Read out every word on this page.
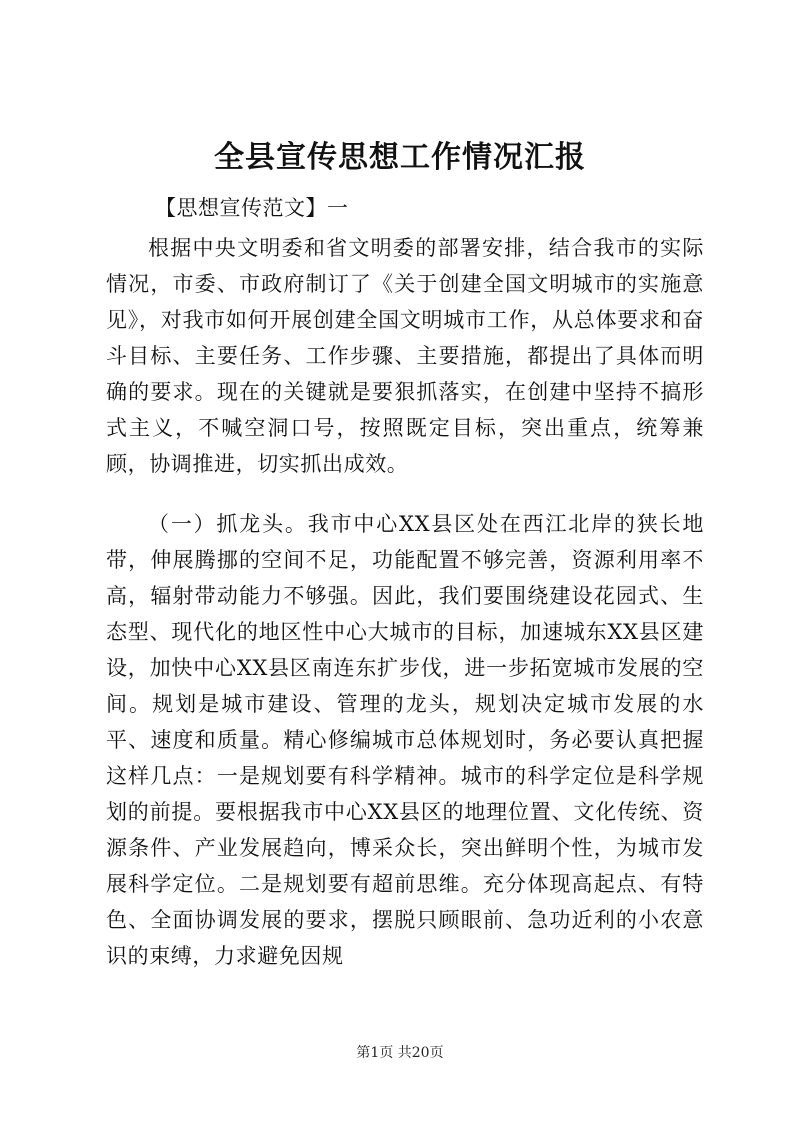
全县宣传思想工作情况汇报

【思想宣传范文】一

根据中央文明委和省文明委的部署安排，结合我市的实际情况，市委、市政府制订了《关于创建全国文明城市的实施意见》，对我市如何开展创建全国文明城市工作，从总体要求和奋斗目标、主要任务、工作步骤、主要措施，都提出了具体而明确的要求。现在的关键就是要狠抓落实，在创建中坚持不搞形式主义，不喊空洞口号，按照既定目标，突出重点，统筹兼顾，协调推进，切实抓出成效。

（一）抓龙头。我市中心XX县区处在西江北岸的狭长地带，伸展腾挪的空间不足，功能配置不够完善，资源利用率不高，辐射带动能力不够强。因此，我们要围绕建设花园式、生态型、现代化的地区性中心大城市的目标，加速城东XX县区建设，加快中心XX县区南连东扩步伐，进一步拓宽城市发展的空间。规划是城市建设、管理的龙头，规划决定城市发展的水平、速度和质量。精心修编城市总体规划时，务必要认真把握这样几点：一是规划要有科学精神。城市的科学定位是科学规划的前提。要根据我市中心XX县区的地理位置、文化传统、资源条件、产业发展趋向，博采众长，突出鲜明个性，为城市发展科学定位。二是规划要有超前思维。充分体现高起点、有特色、全面协调发展的要求，摆脱只顾眼前、急功近利的小农意识的束缚，力求避免因规

第1页 共20页
